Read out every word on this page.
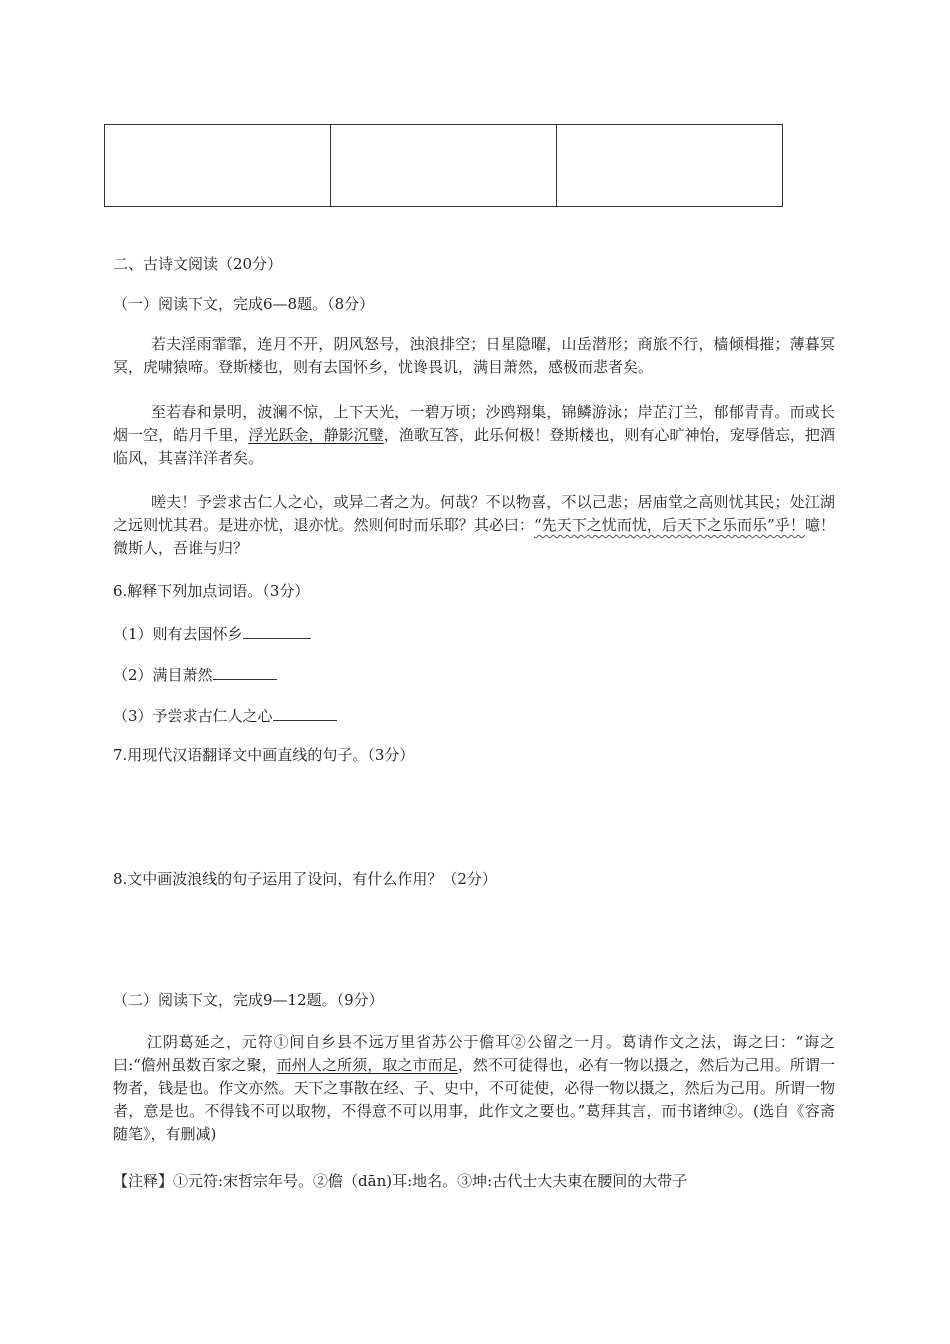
二、古诗文阅读（20分）
（一）阅读下文，完成6—8题。（8分）
若夫淫雨霏霏，连月不开，阴风怒号，浊浪排空；日星隐曜，山岳潜形；商旅不行，樯倾楫摧；薄暮冥冥，虎啸猿啼。登斯楼也，则有去国怀乡，忧谗畏讥，满目萧然，感极而悲者矣。
至若春和景明，波澜不惊，上下天光，一碧万顷；沙鸥翔集，锦鳞游泳；岸芷汀兰，郁郁青青。而或长烟一空，皓月千里，浮光跃金，静影沉璧，渔歌互答，此乐何极！登斯楼也，则有心旷神怡，宠辱偕忘，把酒临风，其喜洋洋者矣。
嗟夫！予尝求古仁人之心，或异二者之为。何哉？不以物喜，不以己悲；居庙堂之高则忧其民；处江湖之远则忧其君。是进亦忧，退亦忧。然则何时而乐耶？其必曰：“先天下之忧而忧，后天下之乐而乐”乎！噫！微斯人，吾谁与归？
6.解释下列加点词语。（3分）
（1）则有去国怀乡
（2）满目萧然
（3）予尝求古仁人之心
7.用现代汉语翻译文中画直线的句子。（3分）
8.文中画波浪线的句子运用了设问，有什么作用？（2分）
（二）阅读下文，完成9—12题。（9分）
江阴葛延之，元符①间自乡县不远万里省苏公于儋耳②公留之一月。葛请作文之法，诲之曰：“诲之曰:“儋州虽数百家之聚，而州人之所须，取之市而足，然不可徒得也，必有一物以摄之，然后为己用。所谓一物者，钱是也。作文亦然。天下之事散在经、子、史中，不可徒使，必得一物以摄之，然后为己用。所谓一物者，意是也。不得钱不可以取物，不得意不可以用事，此作文之要也。”葛拜其言，而书诸绅②。(选自《容斋随笔》，有删减)
【注释】①元符:宋哲宗年号。②儋（dān)耳:地名。③坤:古代士大夫東在腰间的大带子
